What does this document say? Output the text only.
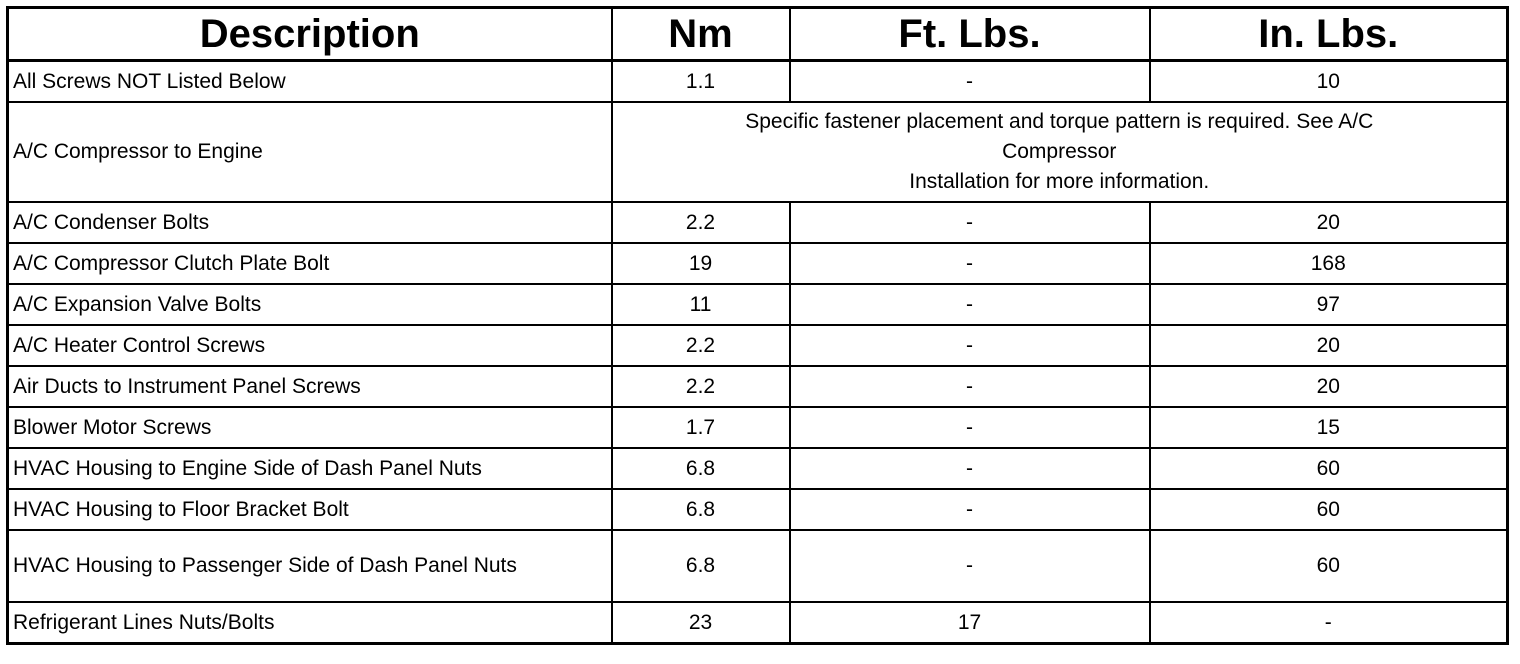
Description	Nm	Ft. Lbs.	In. Lbs.
All Screws NOT Listed Below	1.1	-	10
A/C Compressor to Engine	Specific fastener placement and torque pattern is required. See A/C
Compressor
Installation for more information.		

A/C Condenser Bolts	2.2	-	20
A/C Compressor Clutch Plate Bolt	19	-	168
A/C Expansion Valve Bolts	11	-	97
A/C Heater Control Screws	2.2	-	20
Air Ducts to Instrument Panel Screws	2.2	-	20
Blower Motor Screws	1.7	-	15
HVAC Housing to Engine Side of Dash Panel Nuts	6.8	-	60
HVAC Housing to Floor Bracket Bolt	6.8	-	60
HVAC Housing to Passenger Side of Dash Panel Nuts	6.8	-	60
Refrigerant Lines Nuts/Bolts	23	17	-
